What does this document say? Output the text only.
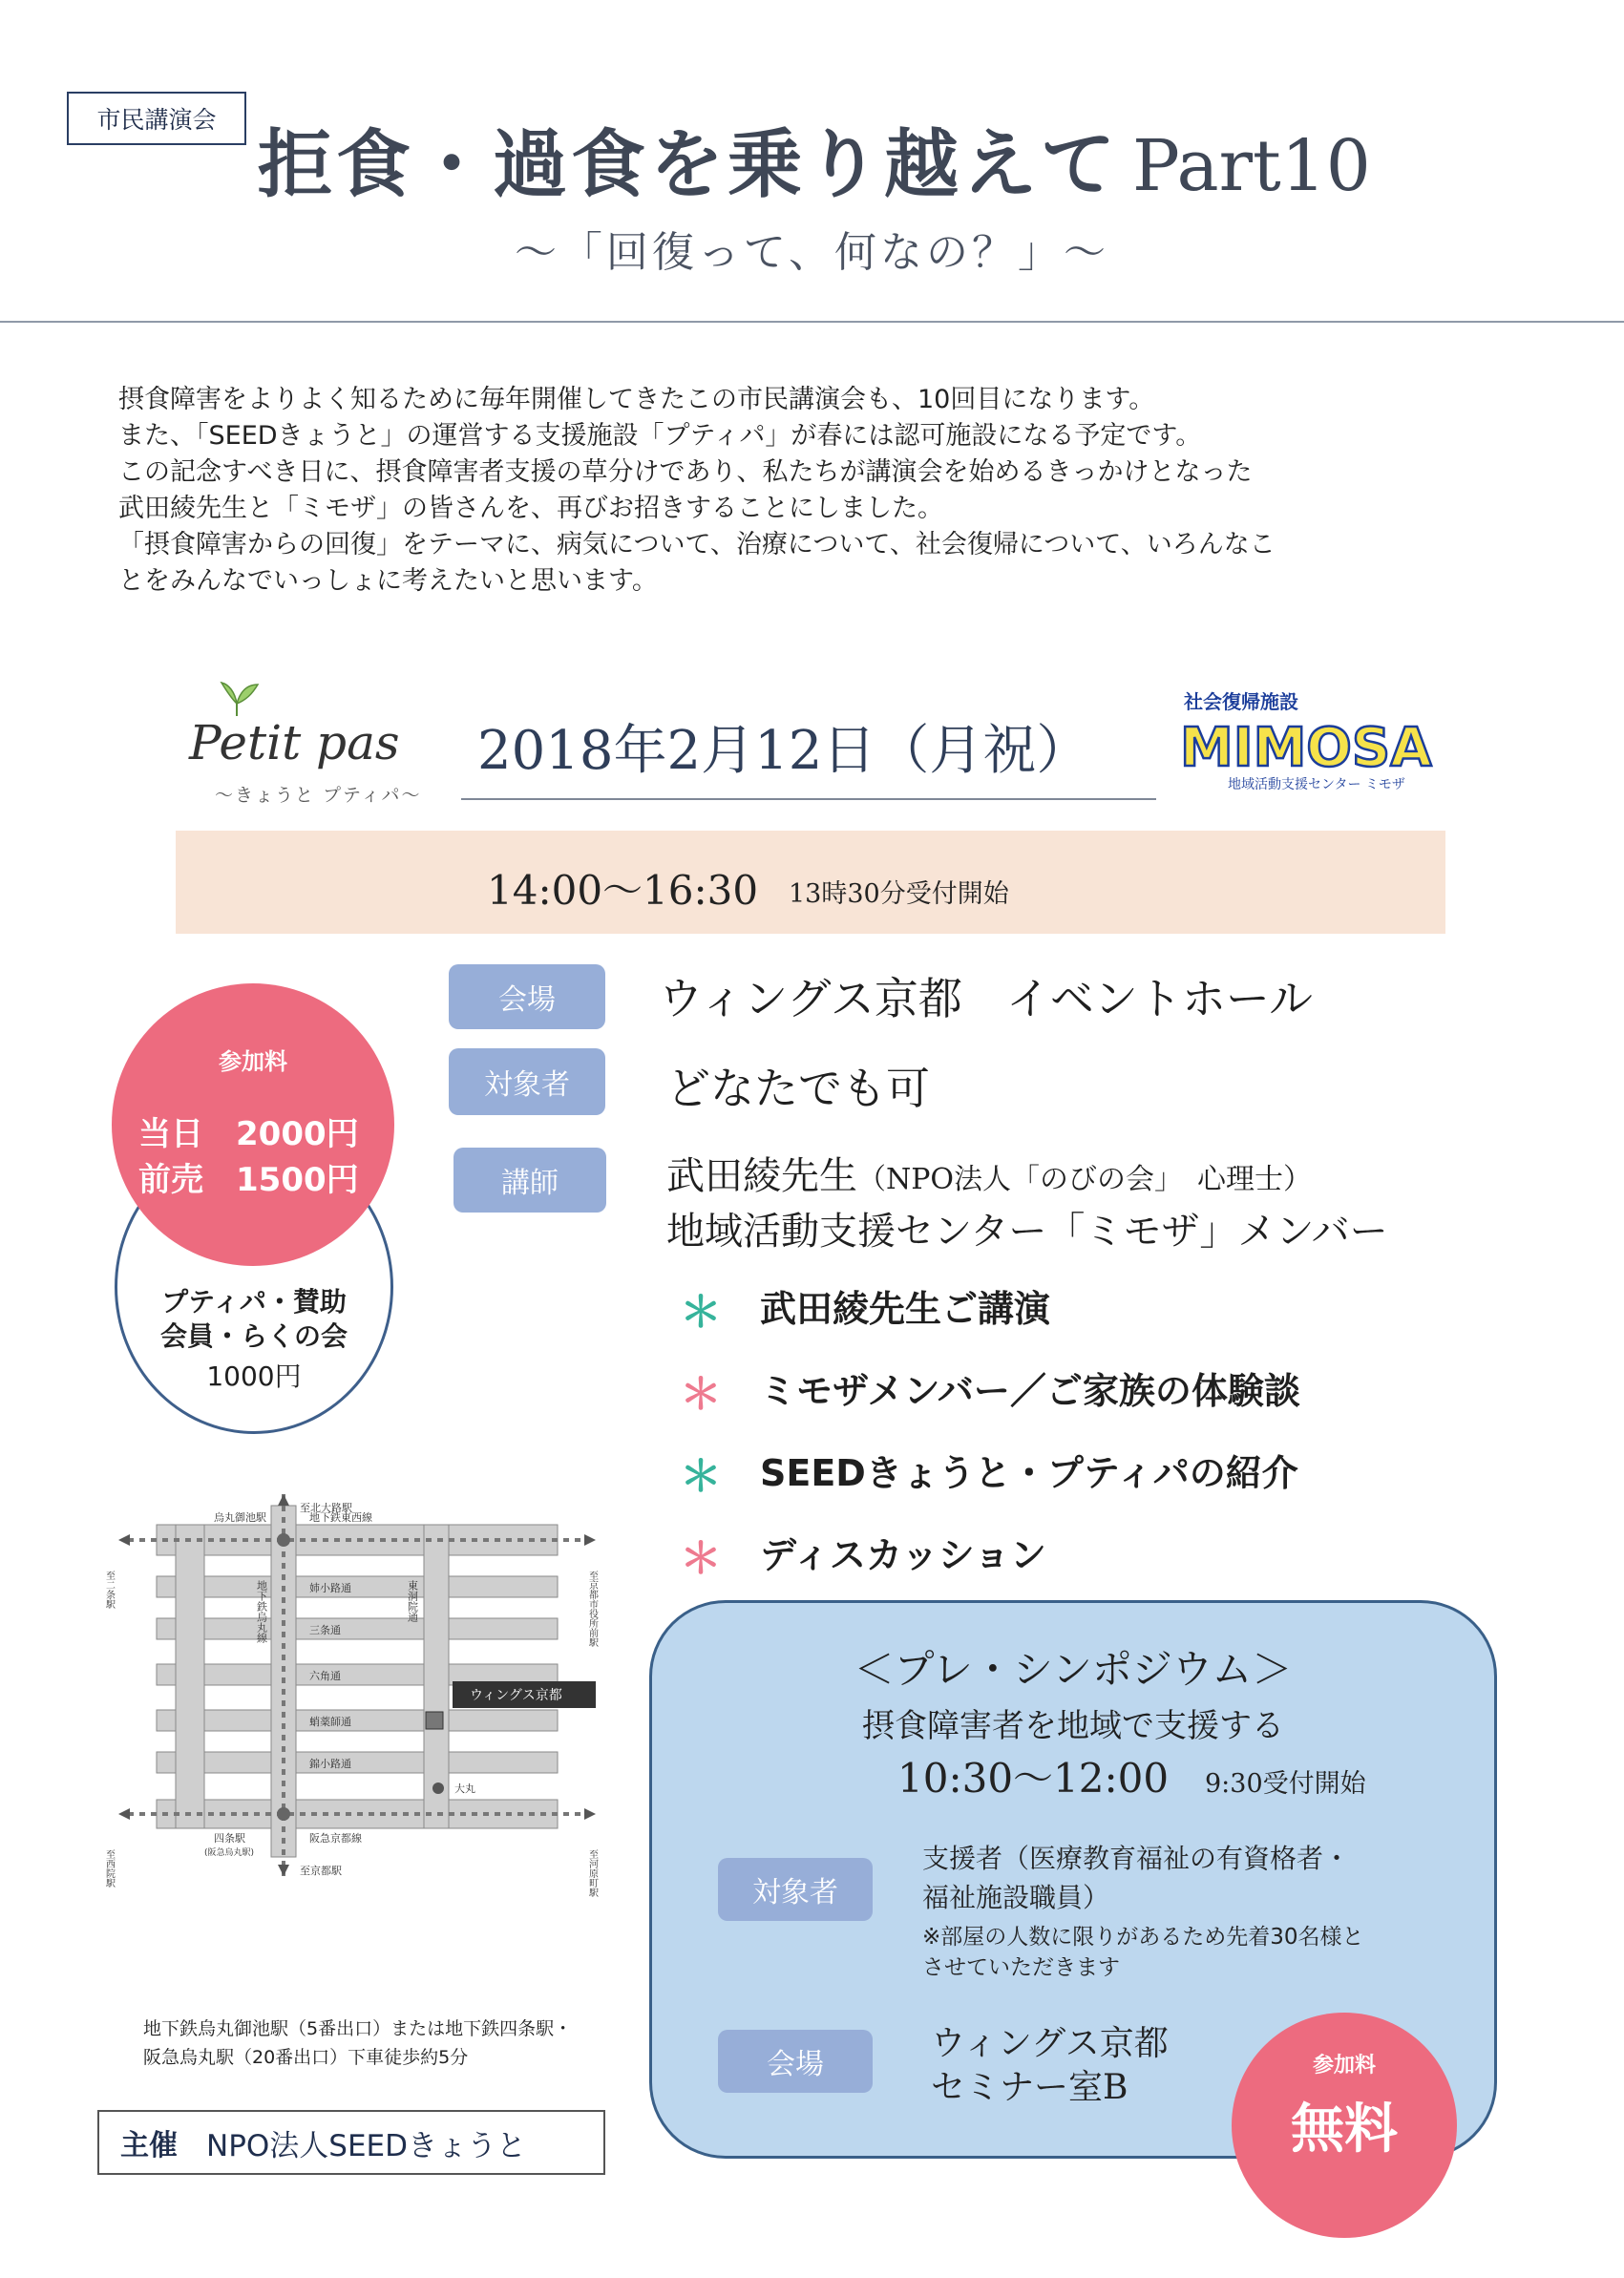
市民講演会
拒食・過食を乗り越えて Part10
～「回復って、何なの？」～

摂食障害をよりよく知るために毎年開催してきたこの市民講演会も、10回目になります。

また、「SEEDきょうと」の運営する支援施設「プティパ」が春には認可施設になる予定です。

この記念すべき日に、摂食障害者支援の草分けであり、私たちが講演会を始めるきっかけとなった

武田綾先生と「ミモザ」の皆さんを、再びお招きすることにしました。

「摂食障害からの回復」をテーマに、病気について、治療について、社会復帰について、いろんなこ

とをみんなでいっしょに考えたいと思います。

Petit pas
～きょうと プティパ～
社会復帰施設
MIMOSA
地域活動支援センター ミモザ
2018年2月12日（月祝）
14:00～16:30 13時30分受付開始
会場	ウィングス京都　イベントホール
対象者	どなたでも可
講師	武田綾先生（NPO法人「のびの会」　心理士）
地域活動支援センター「ミモザ」メンバー
＊ 武田綾先生ご講演
＊ ミモザメンバー／ご家族の体験談
＊ SEEDきょうと・プティパの紹介
＊ ディスカッション
プティパ・賛助
会員・らくの会
1000円
参加料
当日　2000円
前売　1500円
ウィングス京都
至北大路駅
至京都駅
烏丸御池駅	地下鉄東西線
姉小路通
三条通
六角通
蛸薬師通
錦小路通
四条駅
(阪急烏丸駅)
阪急京都線
大丸
至二条駅
至西院駅
至京都市役所前駅
至河原町駅
地下鉄烏丸線	東洞院通

地下鉄烏丸御池駅（5番出口）または地下鉄四条駅・

阪急烏丸駅（20番出口）下車徒歩約5分

主催 NPO法人SEEDきょうと
＜プレ・シンポジウム＞
摂食障害者を地域で支援する
10:30～12:00 9:30受付開始
対象者
支援者（医療教育福祉の有資格者・
福祉施設職員）
※部屋の人数に限りがあるため先着30名様と
させていただきます
会場
ウィングス京都
セミナー室B
参加料
無料
